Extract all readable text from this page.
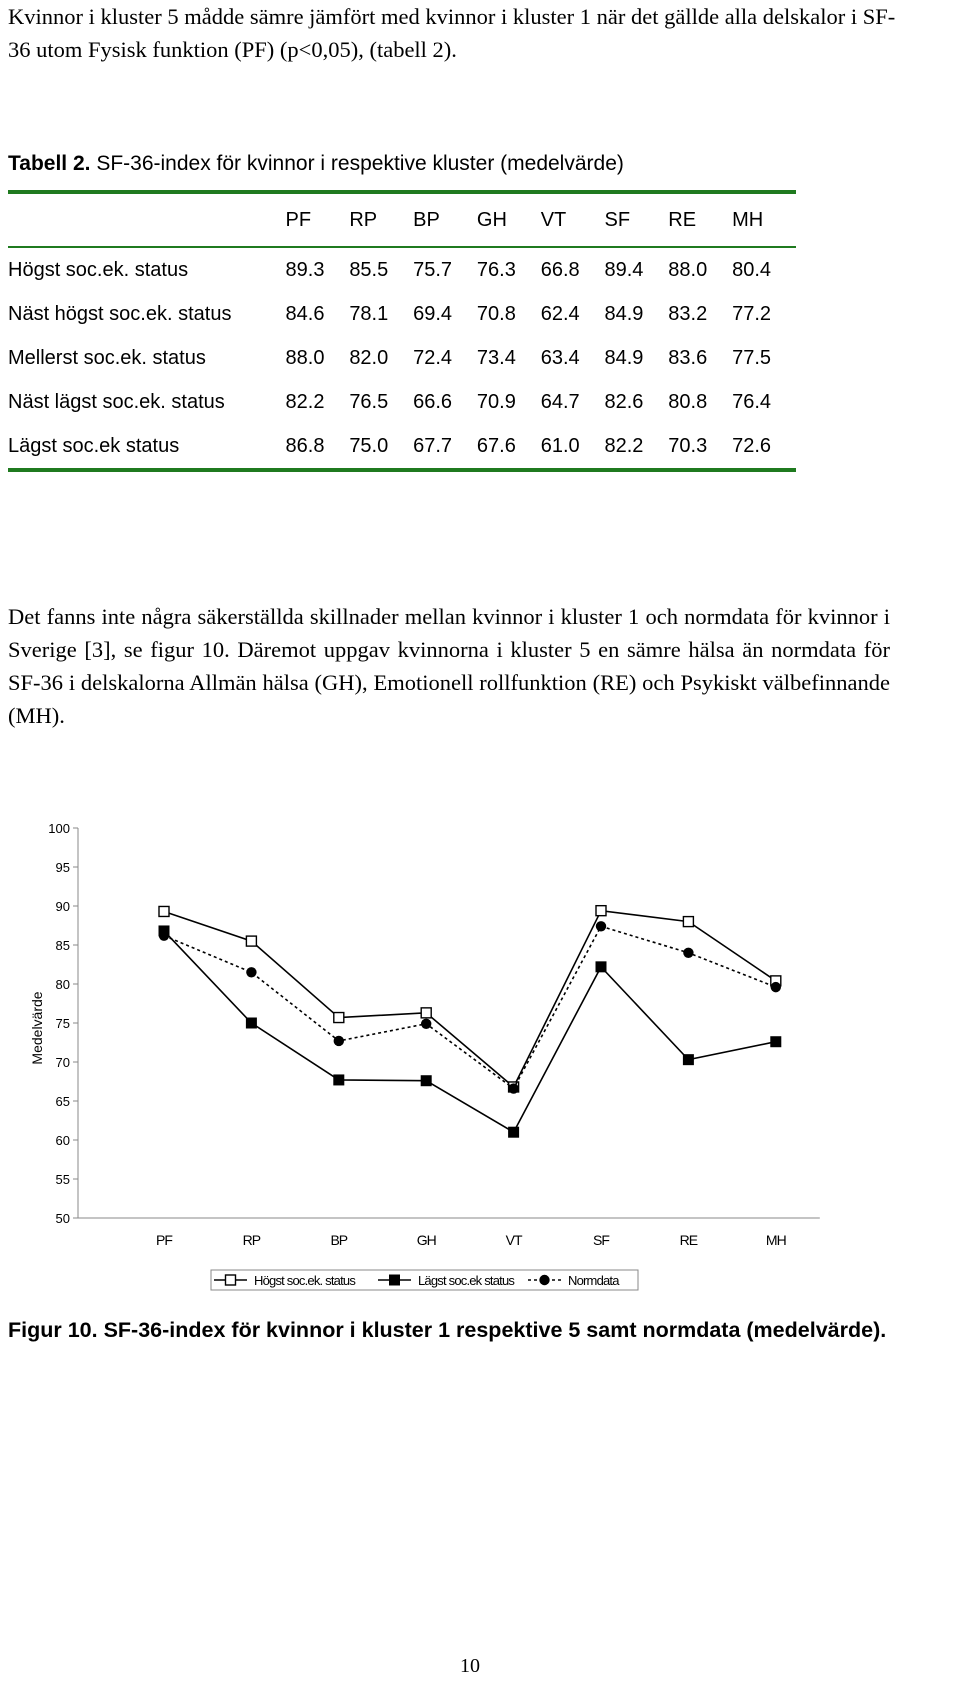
Kvinnor i kluster 5 mådde sämre jämfört med kvinnor i kluster 1 när det gällde alla delskalor i SF-36 utom Fysisk funktion (PF) (p<0,05), (tabell 2).

Tabell 2. SF-36-index för kvinnor i respektive kluster (medelvärde)

	PF	RP	BP	GH	VT	SF	RE	MH
Högst soc.ek. status	89.3	85.5	75.7	76.3	66.8	89.4	88.0	80.4
Näst högst soc.ek. status	84.6	78.1	69.4	70.8	62.4	84.9	83.2	77.2
Mellerst soc.ek. status	88.0	82.0	72.4	73.4	63.4	84.9	83.6	77.5
Näst lägst soc.ek. status	82.2	76.5	66.6	70.9	64.7	82.6	80.8	76.4
Lägst soc.ek status	86.8	75.0	67.7	67.6	61.0	82.2	70.3	72.6

Det fanns inte några säkerställda skillnader mellan kvinnor i kluster 1 och normdata för kvinnor i Sverige [3], se figur 10. Däremot uppgav kvinnorna i kluster 5 en sämre hälsa än normdata för SF-36 i delskalorna Allmän hälsa (GH), Emotionell rollfunktion (RE) och Psykiskt välbefinnande (MH).

50
55
60
65
70
75
80
85
90
95
100
PF	RP	BP	GH	VT	SF	RE	MH
Medelvärde
Högst soc.ek. status	Lägst soc.ek status	Normdata

Figur 10. SF-36-index för kvinnor i kluster 1 respektive 5 samt normdata (medelvärde).

10
